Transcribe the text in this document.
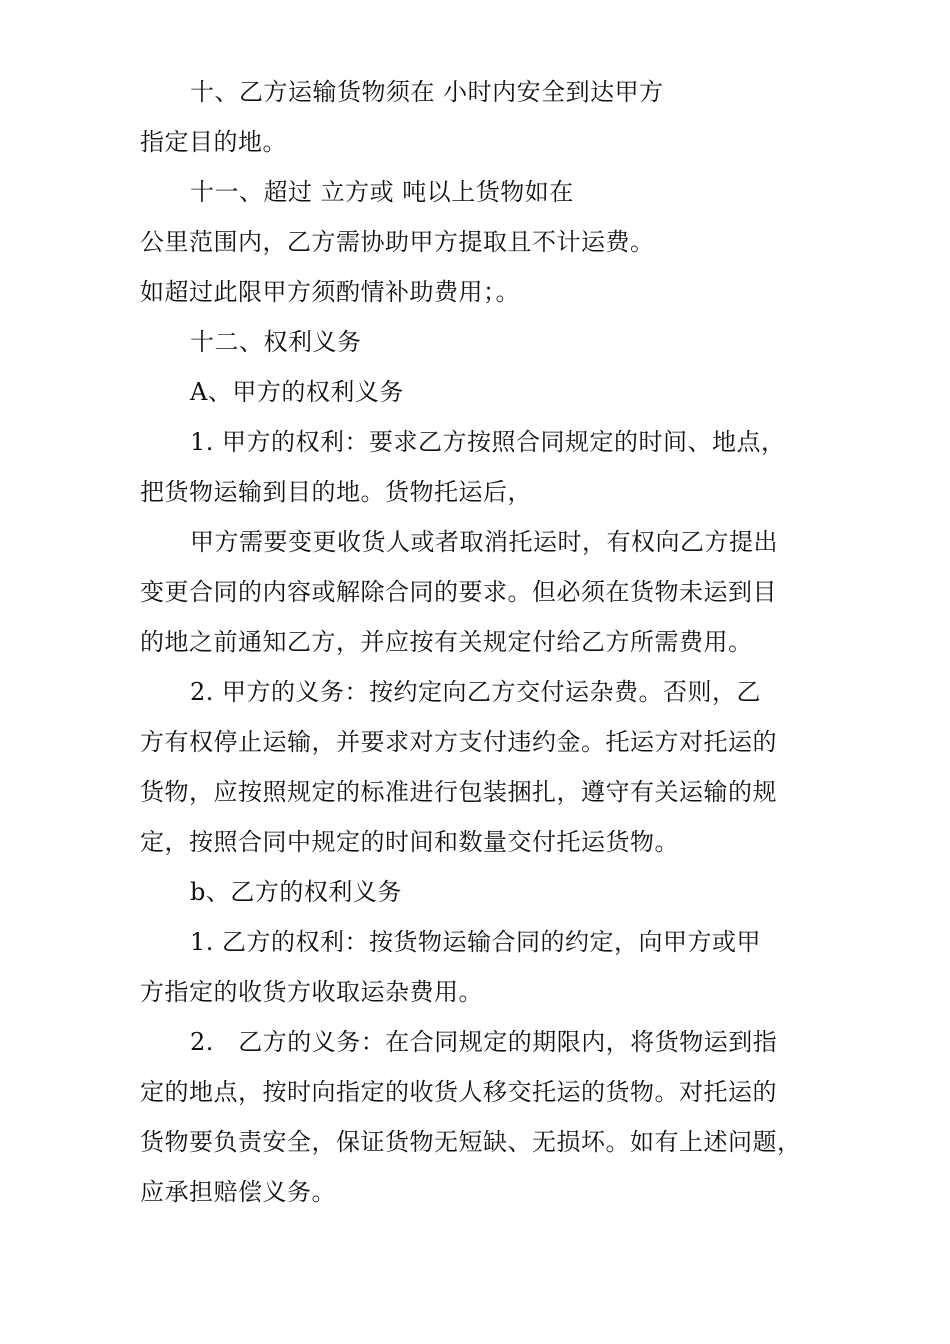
十、乙方运输货物须在 小时内安全到达甲方
指定目的地。
十一、超过 立方或 吨以上货物如在
公里范围内，乙方需协助甲方提取且不计运费。
如超过此限甲方须酌情补助费用；。
十二、权利义务
A、甲方的权利义务
1. 甲方的权利：要求乙方按照合同规定的时间、地点，
把货物运输到目的地。货物托运后，
甲方需要变更收货人或者取消托运时，有权向乙方提出
变更合同的内容或解除合同的要求。但必须在货物未运到目
的地之前通知乙方，并应按有关规定付给乙方所需费用。
2. 甲方的义务：按约定向乙方交付运杂费。否则，乙
方有权停止运输，并要求对方支付违约金。托运方对托运的
货物，应按照规定的标准进行包装捆扎，遵守有关运输的规
定，按照合同中规定的时间和数量交付托运货物。
b、乙方的权利义务
1. 乙方的权利：按货物运输合同的约定，向甲方或甲
方指定的收货方收取运杂费用。
2.   乙方的义务：在合同规定的期限内，将货物运到指
定的地点，按时向指定的收货人移交托运的货物。对托运的
货物要负责安全，保证货物无短缺、无损坏。如有上述问题，
应承担赔偿义务。
